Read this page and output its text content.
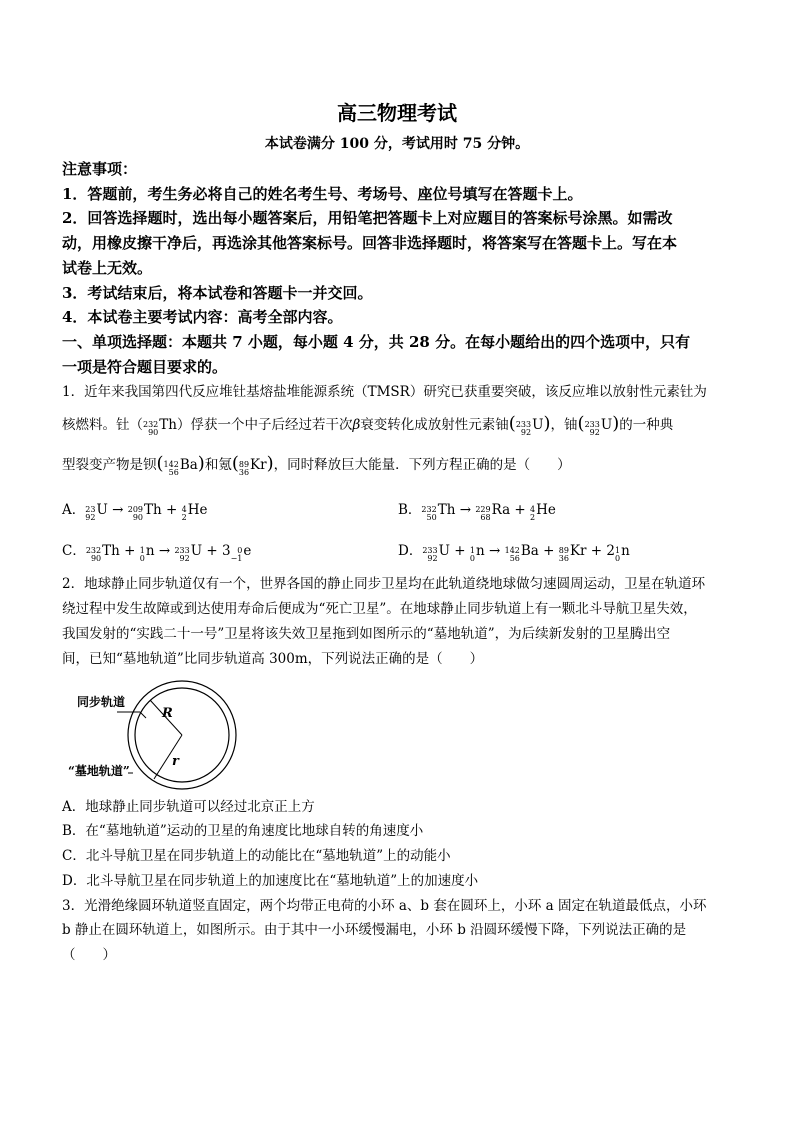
高三物理考试
本试卷满分 100 分，考试用时 75 分钟。
注意事项：
1．答题前，考生务必将自己的姓名考生号、考场号、座位号填写在答题卡上。
2．回答选择题时，选出每小题答案后，用铅笔把答题卡上对应题目的答案标号涂黑。如需改
动，用橡皮擦干净后，再选涂其他答案标号。回答非选择题时，将答案写在答题卡上。写在本
试卷上无效。
3．考试结束后，将本试卷和答题卡一并交回。
4．本试卷主要考试内容：高考全部内容。
一、单项选择题：本题共 7 小题，每小题 4 分，共 28 分。在每小题给出的四个选项中，只有
一项是符合题目要求的。
1．近年来我国第四代反应堆钍基熔盐堆能源系统（TMSR）研究已获重要突破，该反应堆以放射性元素钍为
核燃料。钍（ 232
90 Th）俘获一个中子后经过若干次β衰变转化成放射性元素铀( 233
92 U)，铀( 233
92 U)的一种典
型裂变产物是钡( 142
56 Ba)和氪( 89
36 Kr)，同时释放巨大能量．下列方程正确的是（　　）
A． 23
92 U → 209
90 Th + 4
2 He	B． 232
50 Th → 229
68 Ra + 4
2 He
C． 232
90 Th + 1
0 n → 233
92 U + 3 0
−1 e	D． 233
92 U + 1
0 n → 142
56 Ba + 89
36 Kr + 2 1
0 n
2．地球静止同步轨道仅有一个，世界各国的静止同步卫星均在此轨道绕地球做匀速圆周运动，卫星在轨道环
绕过程中发生故障或到达使用寿命后便成为“死亡卫星”。在地球静止同步轨道上有一颗北斗导航卫星失效，
我国发射的“实践二十一号”卫星将该失效卫星拖到如图所示的“墓地轨道”，为后续新发射的卫星腾出空
间，已知“墓地轨道”比同步轨道高 300m，下列说法正确的是（　　）
同步轨道
“墓地轨道”
R
r
A．地球静止同步轨道可以经过北京正上方
B．在“墓地轨道”运动的卫星的角速度比地球自转的角速度小
C．北斗导航卫星在同步轨道上的动能比在“墓地轨道”上的动能小
D．北斗导航卫星在同步轨道上的加速度比在“墓地轨道”上的加速度小
3．光滑绝缘圆环轨道竖直固定，两个均带正电荷的小环 a、b 套在圆环上，小环 a 固定在轨道最低点，小环
b 静止在圆环轨道上，如图所示。由于其中一小环缓慢漏电，小环 b 沿圆环缓慢下降，下列说法正确的是
（　　）
